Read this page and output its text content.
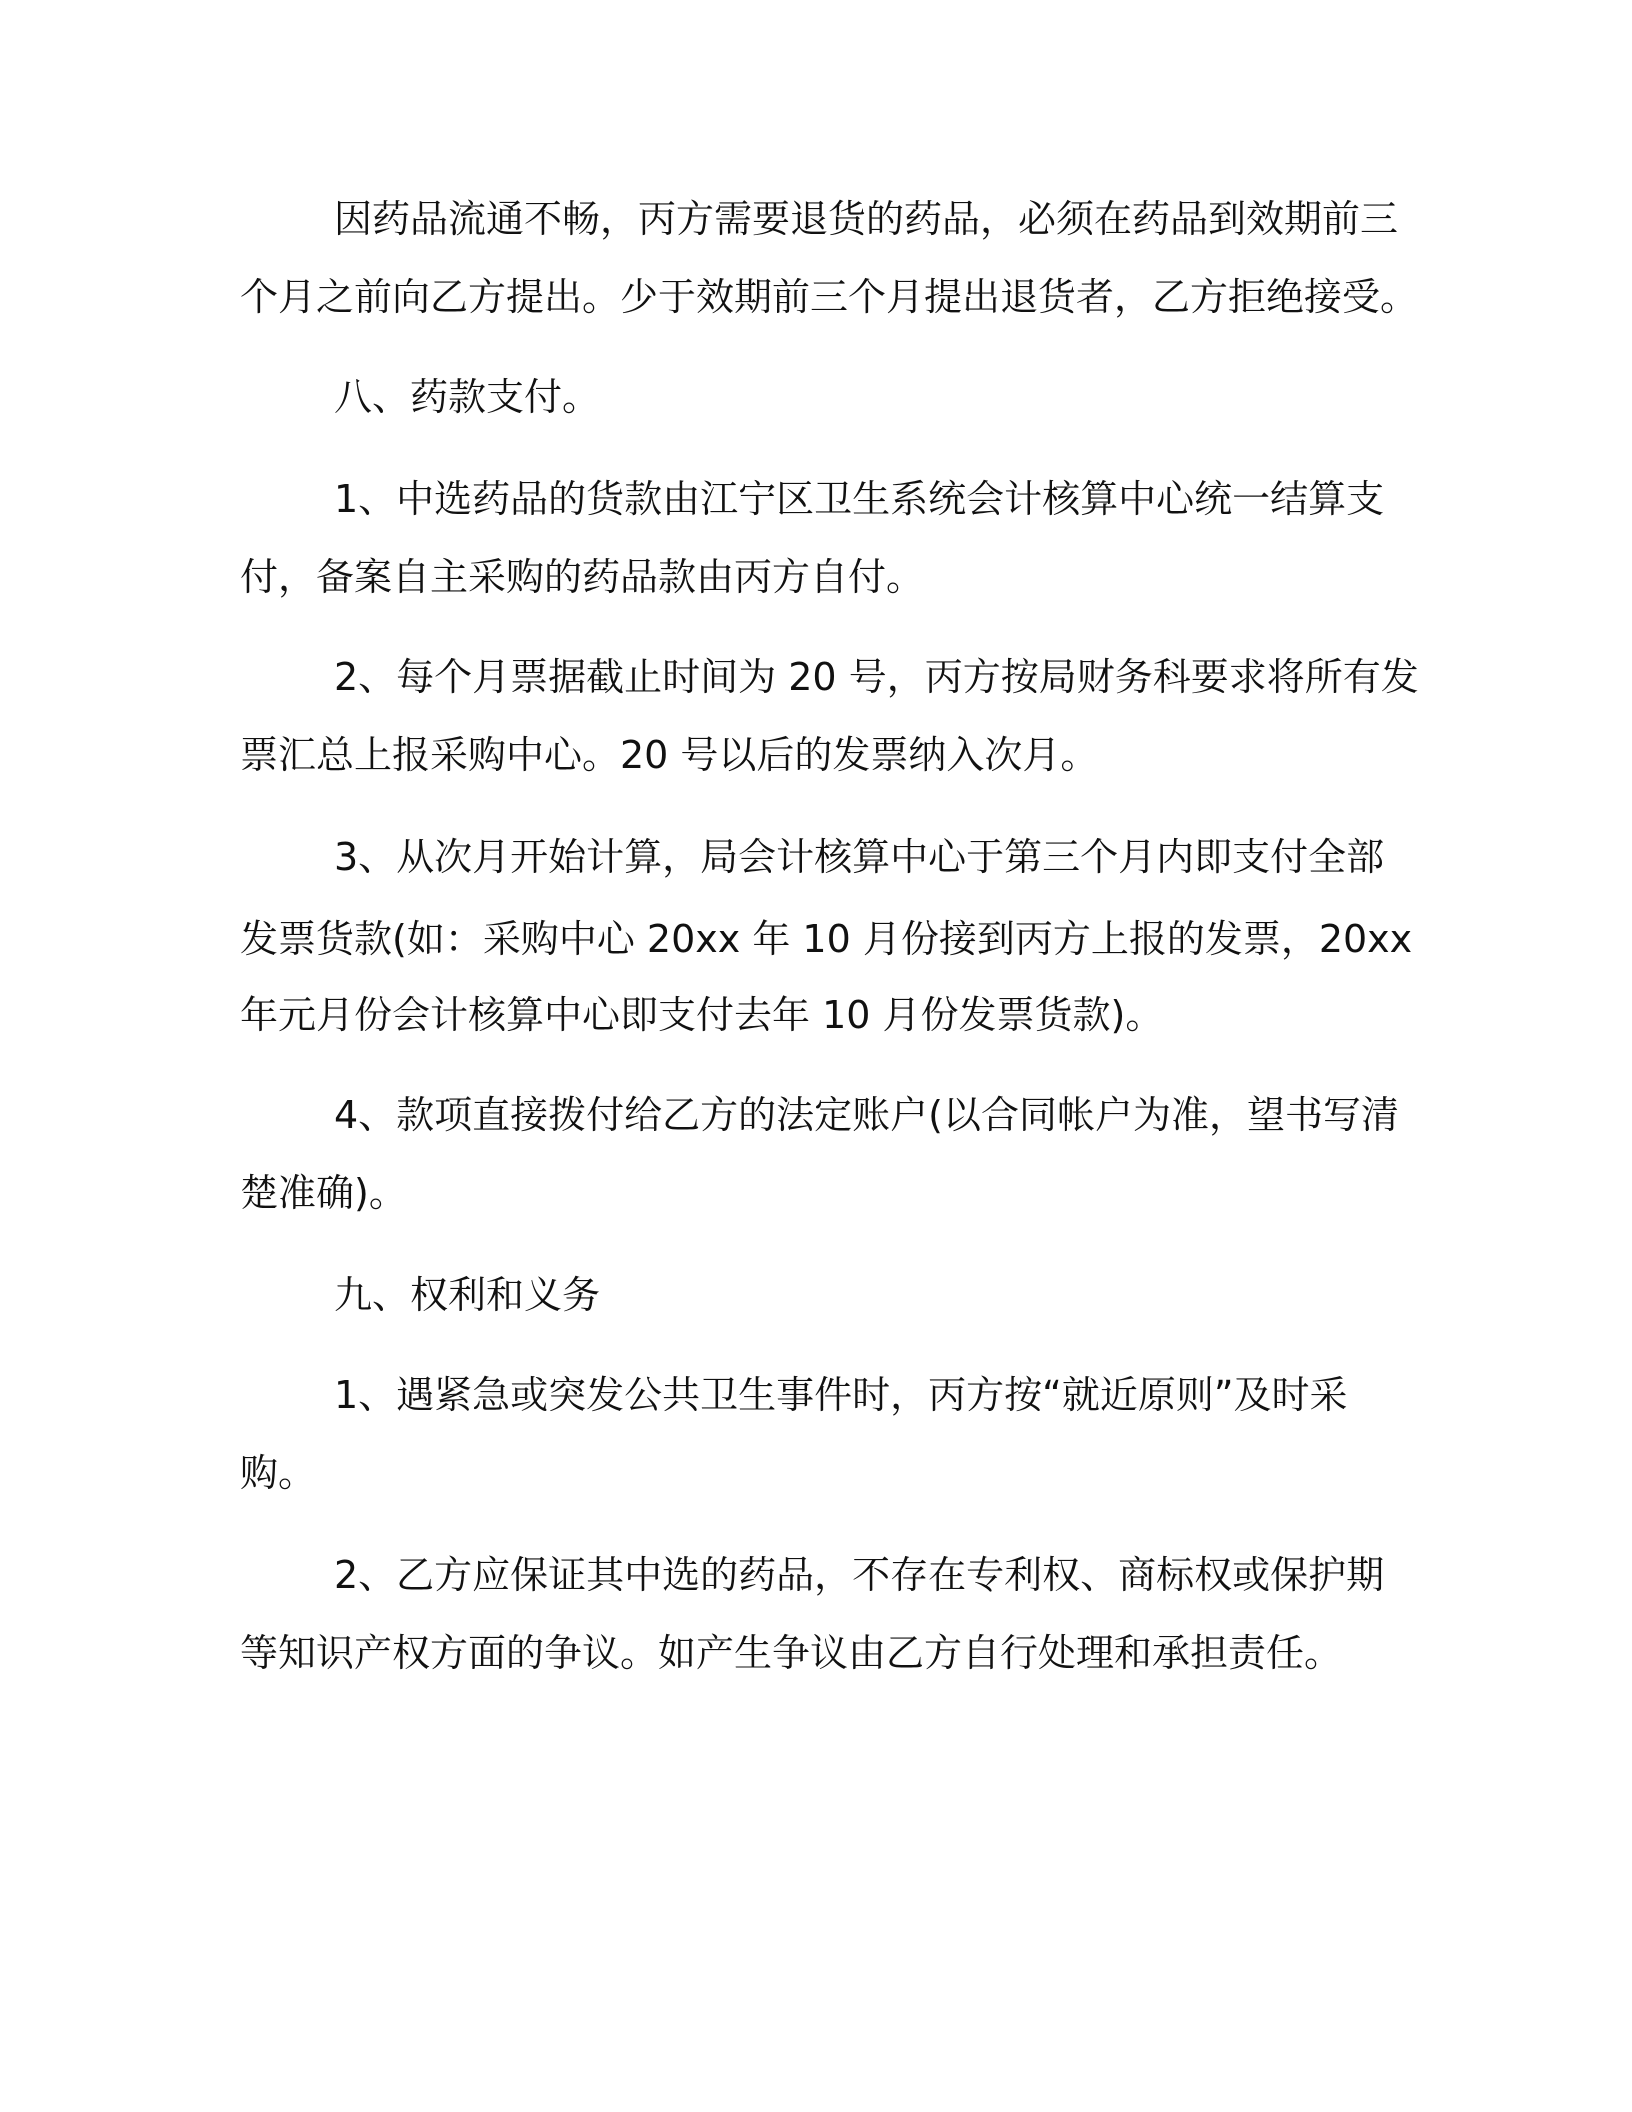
因药品流通不畅，丙方需要退货的药品，必须在药品到效期前三

个月之前向乙方提出。少于效期前三个月提出退货者，乙方拒绝接受。

八、药款支付。

1、中选药品的货款由江宁区卫生系统会计核算中心统一结算支

付，备案自主采购的药品款由丙方自付。

2、每个月票据截止时间为 20 号，丙方按局财务科要求将所有发

票汇总上报采购中心。20 号以后的发票纳入次月。

3、从次月开始计算，局会计核算中心于第三个月内即支付全部

发票货款(如：采购中心 20xx 年 10 月份接到丙方上报的发票，20xx

年元月份会计核算中心即支付去年 10 月份发票货款)。

4、款项直接拨付给乙方的法定账户(以合同帐户为准，望书写清

楚准确)。

九、权利和义务

1、遇紧急或突发公共卫生事件时，丙方按“就近原则”及时采

购。

2、乙方应保证其中选的药品，不存在专利权、商标权或保护期

等知识产权方面的争议。如产生争议由乙方自行处理和承担责任。
